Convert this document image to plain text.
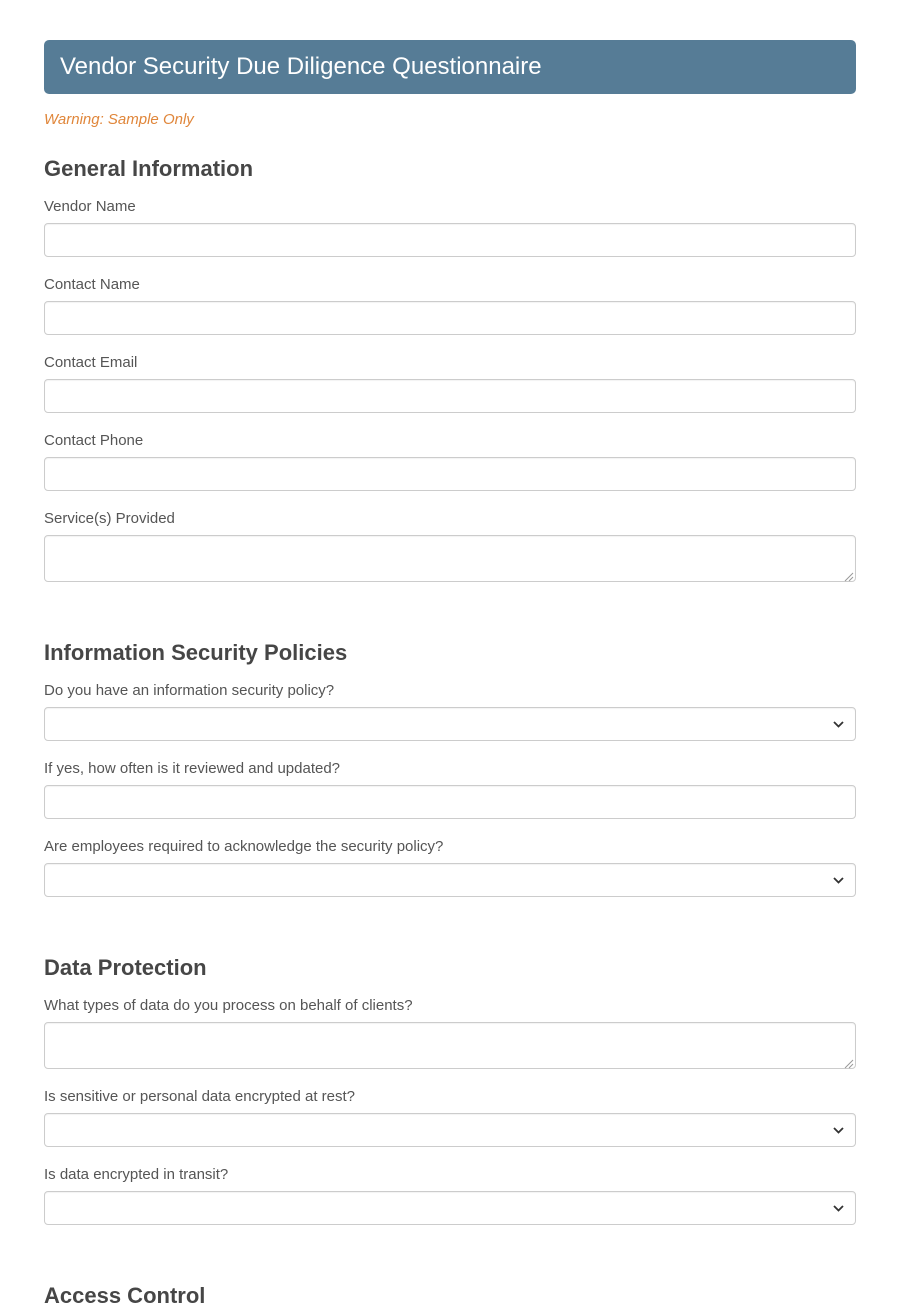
Vendor Security Due Diligence Questionnaire

Warning: Sample Only

General Information
Vendor Name
Contact Name
Contact Email
Contact Phone
Service(s) Provided
Information Security Policies
Do you have an information security policy?
If yes, how often is it reviewed and updated?
Are employees required to acknowledge the security policy?
Data Protection
What types of data do you process on behalf of clients?
Is sensitive or personal data encrypted at rest?
Is data encrypted in transit?
Access Control
